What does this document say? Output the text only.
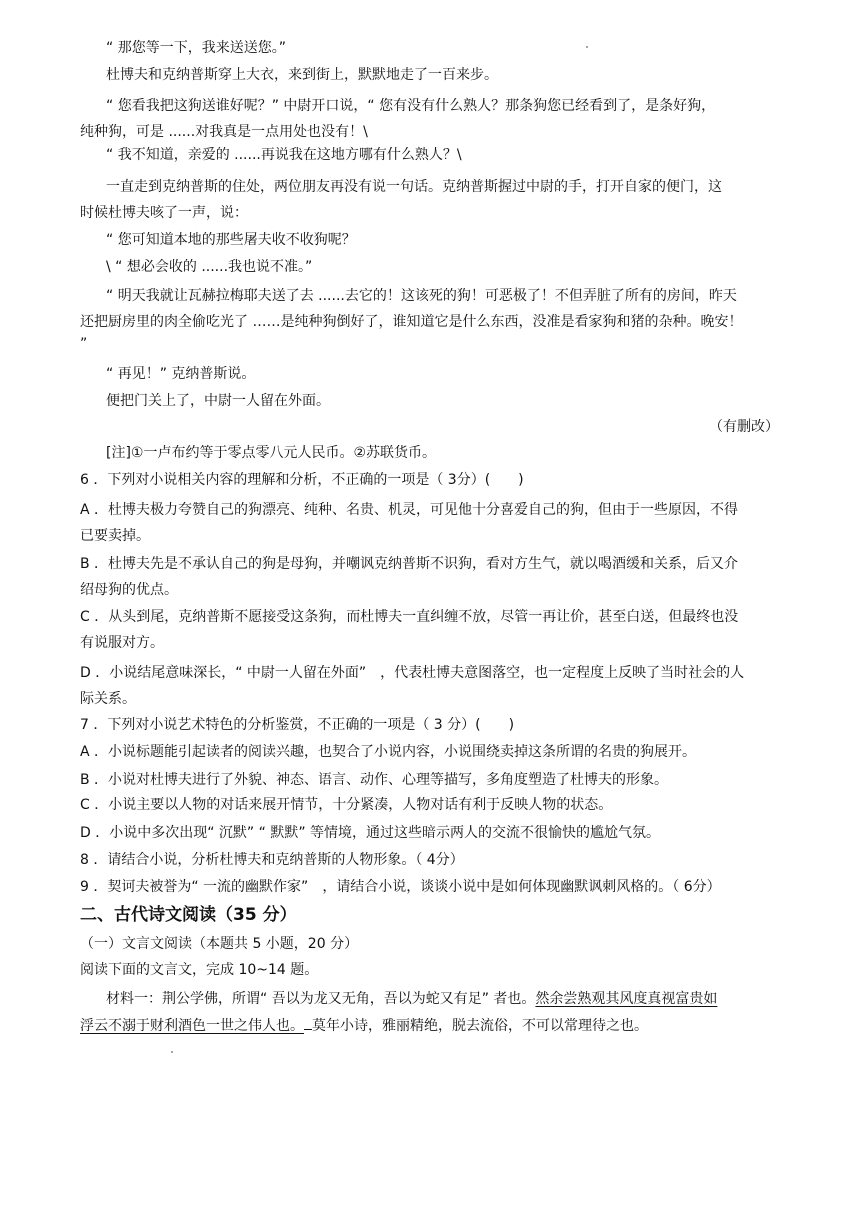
“ 那您等一下，我来送送您。”
杜博夫和克纳普斯穿上大衣，来到街上，默默地走了一百来步。
“ 您看我把这狗送谁好呢？” 中尉开口说，“ 您有没有什么熟人？那条狗您已经看到了，是条好狗，
纯种狗，可是 ......对我真是一点用处也没有！\
“ 我不知道，亲爱的 ......再说我在这地方哪有什么熟人？\
一直走到克纳普斯的住处，两位朋友再没有说一句话。克纳普斯握过中尉的手，打开自家的便门，这
时候杜博夫咳了一声，说：
“ 您可知道本地的那些屠夫收不收狗呢？
\ “ 想必会收的 ......我也说不准。”
“ 明天我就让瓦赫拉梅耶夫送了去 ......去它的！这该死的狗！可恶极了！不但弄脏了所有的房间，昨天
还把厨房里的肉全偷吃光了 ……是纯种狗倒好了，谁知道它是什么东西，没准是看家狗和猪的杂种。晚安！
”
“ 再见！” 克纳普斯说。
便把门关上了，中尉一人留在外面。
（有删改）
[注]①一卢布约等于零点零八元人民币。②苏联货币。
6 ．下列对小说相关内容的理解和分析，不正确的一项是（ 3分）(　　)
A ．杜博夫极力夸赞自己的狗漂亮、纯种、名贵、机灵，可见他十分喜爱自己的狗，但由于一些原因，不得
已要卖掉。
B ．杜博夫先是不承认自己的狗是母狗，并嘲讽克纳普斯不识狗，看对方生气，就以喝酒缓和关系，后又介
绍母狗的优点。
C ．从头到尾，克纳普斯不愿接受这条狗，而杜博夫一直纠缠不放，尽管一再让价，甚至白送，但最终也没
有说服对方。
D ．小说结尾意味深长，“ 中尉一人留在外面”　，代表杜博夫意图落空，也一定程度上反映了当时社会的人
际关系。
7 ．下列对小说艺术特色的分析鉴赏，不正确的一项是（ 3 分）(　　)
A ．小说标题能引起读者的阅读兴趣，也契合了小说内容，小说围绕卖掉这条所谓的名贵的狗展开。
B ．小说对杜博夫进行了外貌、神态、语言、动作、心理等描写，多角度塑造了杜博夫的形象。
C ．小说主要以人物的对话来展开情节，十分紧凑，人物对话有利于反映人物的状态。
D ．小说中多次出现“ 沉默” “ 默默” 等情境，通过这些暗示两人的交流不很愉快的尴尬气氛。
8 ．请结合小说，分析杜博夫和克纳普斯的人物形象。（ 4分）
9 ．契诃夫被誉为“ 一流的幽默作家”　，请结合小说，谈谈小说中是如何体现幽默讽刺风格的。（ 6分）
二、古代诗文阅读（35 分）
（一）文言文阅读（本题共 5 小题，20 分）
阅读下面的文言文，完成 10~14 题。
材料一：荆公学佛，所谓“ 吾以为龙又无角，吾以为蛇又有足” 者也。然余尝熟观其风度真视富贵如
浮云不溺于财利酒色一世之伟人也。 莫年小诗，雅丽精绝，脱去流俗，不可以常理待之也。
